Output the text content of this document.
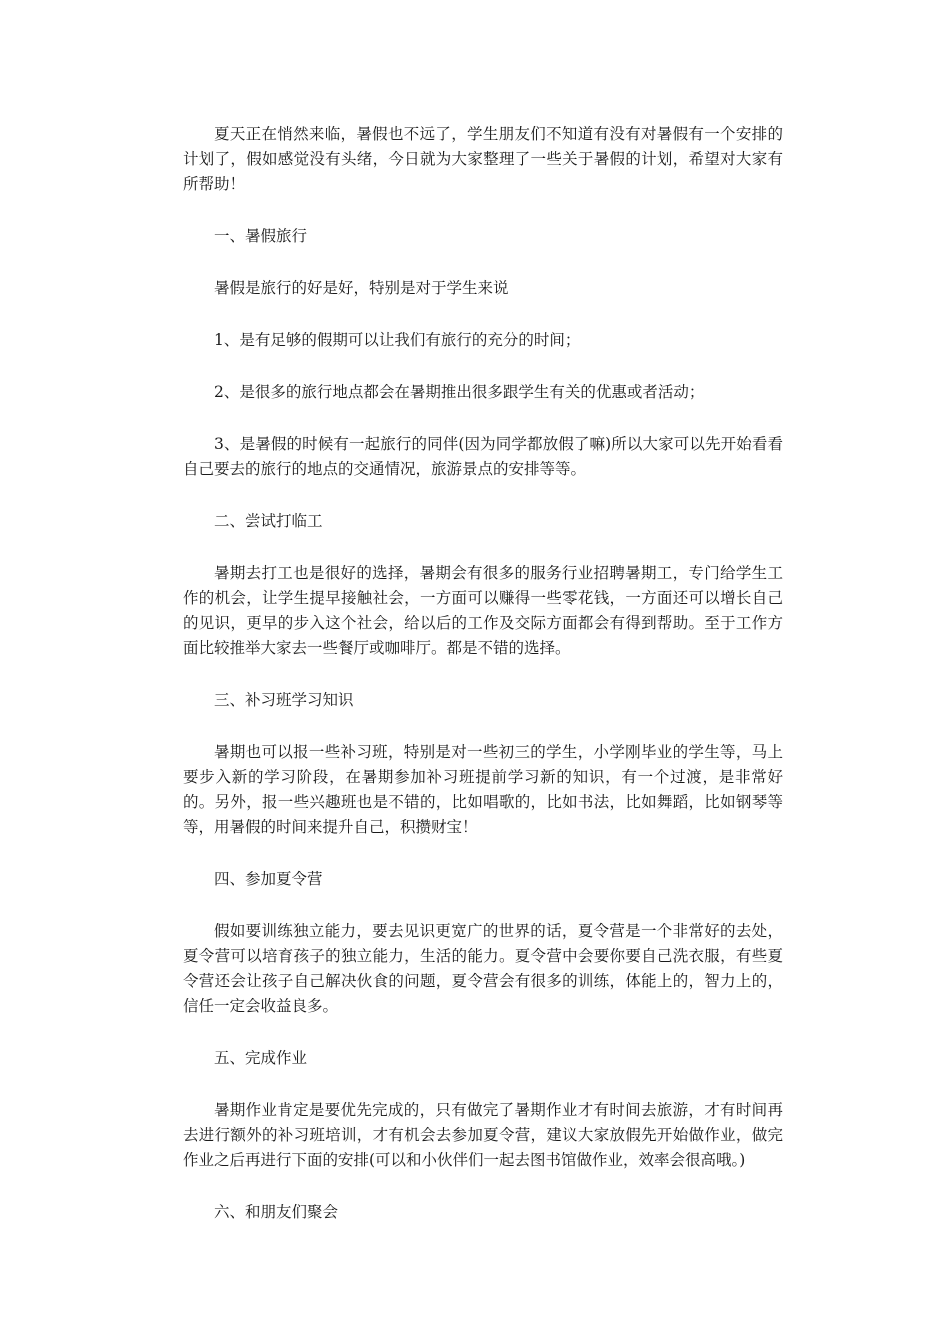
夏天正在悄然来临，暑假也不远了，学生朋友们不知道有没有对暑假有一个安排的计划了，假如感觉没有头绪，今日就为大家整理了一些关于暑假的计划，希望对大家有所帮助！

一、暑假旅行

暑假是旅行的好是好，特别是对于学生来说

1、是有足够的假期可以让我们有旅行的充分的时间；

2、是很多的旅行地点都会在暑期推出很多跟学生有关的优惠或者活动；

3、是暑假的时候有一起旅行的同伴(因为同学都放假了嘛)所以大家可以先开始看看自己要去的旅行的地点的交通情况，旅游景点的安排等等。

二、尝试打临工

暑期去打工也是很好的选择，暑期会有很多的服务行业招聘暑期工，专门给学生工作的机会，让学生提早接触社会，一方面可以赚得一些零花钱，一方面还可以增长自己的见识，更早的步入这个社会，给以后的工作及交际方面都会有得到帮助。至于工作方面比较推举大家去一些餐厅或咖啡厅。都是不错的选择。

三、补习班学习知识

暑期也可以报一些补习班，特别是对一些初三的学生，小学刚毕业的学生等，马上要步入新的学习阶段，在暑期参加补习班提前学习新的知识，有一个过渡，是非常好的。另外，报一些兴趣班也是不错的，比如唱歌的，比如书法，比如舞蹈，比如钢琴等等，用暑假的时间来提升自己，积攒财宝！

四、参加夏令营

假如要训练独立能力，要去见识更宽广的世界的话，夏令营是一个非常好的去处，夏令营可以培育孩子的独立能力，生活的能力。夏令营中会要你要自己洗衣服，有些夏令营还会让孩子自己解决伙食的问题，夏令营会有很多的训练，体能上的，智力上的，信任一定会收益良多。

五、完成作业

暑期作业肯定是要优先完成的，只有做完了暑期作业才有时间去旅游，才有时间再去进行额外的补习班培训，才有机会去参加夏令营，建议大家放假先开始做作业，做完作业之后再进行下面的安排(可以和小伙伴们一起去图书馆做作业，效率会很高哦。)

六、和朋友们聚会
